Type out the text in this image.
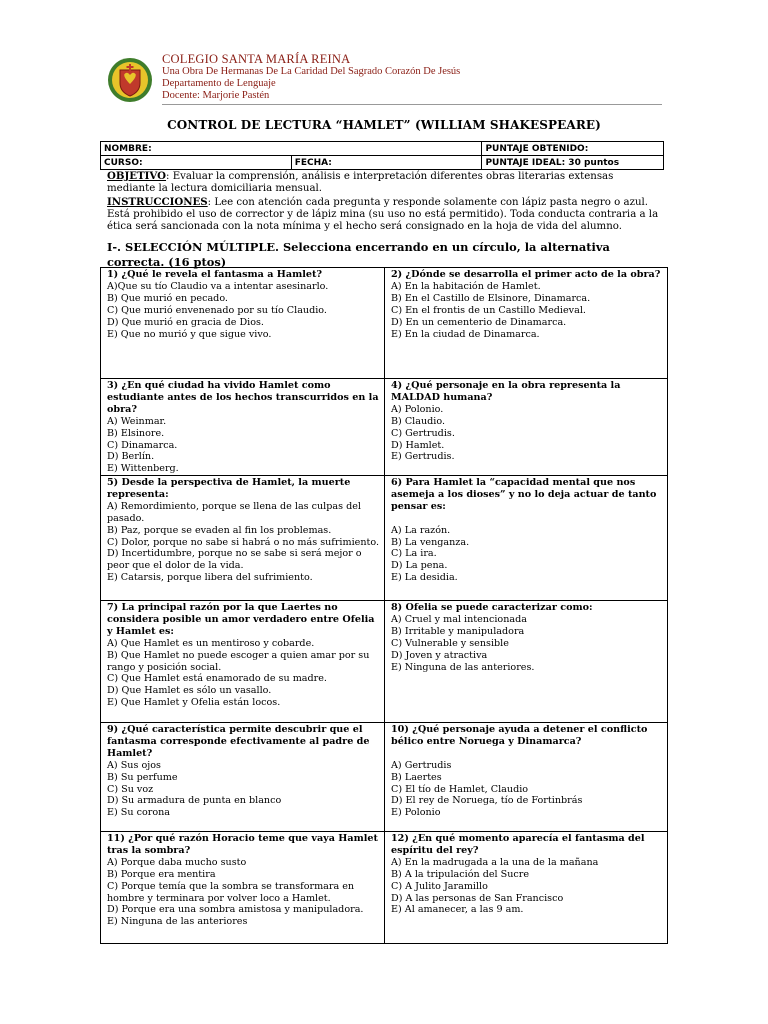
COLEGIO SANTA MARÍA REINA
Una Obra De Hermanas De La Caridad Del Sagrado Corazón De Jesús
Departamento de Lenguaje
Docente: Marjorie Pastén
CONTROL DE LECTURA “HAMLET” (WILLIAM SHAKESPEARE)
NOMBRE:		PUNTAJE OBTENIDO:
CURSO:	FECHA:	PUNTAJE IDEAL: 30 puntos

OBJETIVO: Evaluar la comprensión, análisis e interpretación diferentes obras literarias extensas mediante la lectura domiciliaria mensual.

INSTRUCCIONES: Lee con atención cada pregunta y responde solamente con lápiz pasta negro o azul. Está prohibido el uso de corrector y de lápiz mina (su uso no está permitido). Toda conducta contraria a la ética será sancionada con la nota mínima y el hecho será consignado en la hoja de vida del alumno.

I-. SELECCIÓN MÚLTIPLE. Selecciona encerrando en un círculo, la alternativa correcta. (16 ptos)
1) ¿Qué le revela el fantasma a Hamlet?
A)Que su tío Claudio va a intentar asesinarlo.
B) Que murió en pecado.
C) Que murió envenenado por su tío Claudio.
D) Que murió en gracia de Dios.
E) Que no murió y que sigue vivo.
2) ¿Dónde se desarrolla el primer acto de la obra?
A) En la habitación de Hamlet.
B) En el Castillo de Elsinore, Dinamarca.
C) En el frontis de un Castillo Medieval.
D) En un cementerio de Dinamarca.
E) En la ciudad de Dinamarca.
3) ¿En qué ciudad ha vivido Hamlet como estudiante antes de los hechos transcurridos en la obra?
A) Weinmar.
B) Elsinore.
C) Dinamarca.
D) Berlín.
E) Wittenberg.
4) ¿Qué personaje en la obra representa la MALDAD humana?
A) Polonio.
B) Claudio.
C) Gertrudis.
D) Hamlet.
E) Gertrudis.
5) Desde la perspectiva de Hamlet, la muerte representa:
A) Remordimiento, porque se llena de las culpas del pasado.
B) Paz, porque se evaden al fin los problemas.
C) Dolor, porque no sabe si habrá o no más sufrimiento.
D) Incertidumbre, porque no se sabe si será mejor o peor que el dolor de la vida.
E) Catarsis, porque libera del sufrimiento.
6) Para Hamlet la “capacidad mental que nos asemeja a los dioses” y no lo deja actuar de tanto pensar es:
A) La razón.
B) La venganza.
C) La ira.
D) La pena.
E) La desidia.
7) La principal razón por la que Laertes no considera posible un amor verdadero entre Ofelia y Hamlet es:
A) Que Hamlet es un mentiroso y cobarde.
B) Que Hamlet no puede escoger a quien amar por su rango y posición social.
C) Que Hamlet está enamorado de su madre.
D) Que Hamlet es sólo un vasallo.
E) Que Hamlet y Ofelia están locos.
8) Ofelia se puede caracterizar como:
A) Cruel y mal intencionada
B) Irritable y manipuladora
C) Vulnerable y sensible
D) Joven y atractiva
E) Ninguna de las anteriores.
9) ¿Qué característica permite descubrir que el fantasma corresponde efectivamente al padre de Hamlet?
A) Sus ojos
B) Su perfume
C) Su voz
D) Su armadura de punta en blanco
E) Su corona
10) ¿Qué personaje ayuda a detener el conflicto bélico entre Noruega y Dinamarca?
A) Gertrudis
B) Laertes
C) El tío de Hamlet, Claudio
D) El rey de Noruega, tío de Fortinbrás
E) Polonio
11) ¿Por qué razón Horacio teme que vaya Hamlet tras la sombra?
A) Porque daba mucho susto
B) Porque era mentira
C) Porque temía que la sombra se transformara en hombre y terminara por volver loco a Hamlet.
D) Porque era una sombra amistosa y manipuladora.
E) Ninguna de las anteriores
12) ¿En qué momento aparecía el fantasma del espíritu del rey?
A) En la madrugada a la una de la mañana
B) A la tripulación del Sucre
C) A Julito Jaramillo
D) A las personas de San Francisco
E) Al amanecer, a las 9 am.
